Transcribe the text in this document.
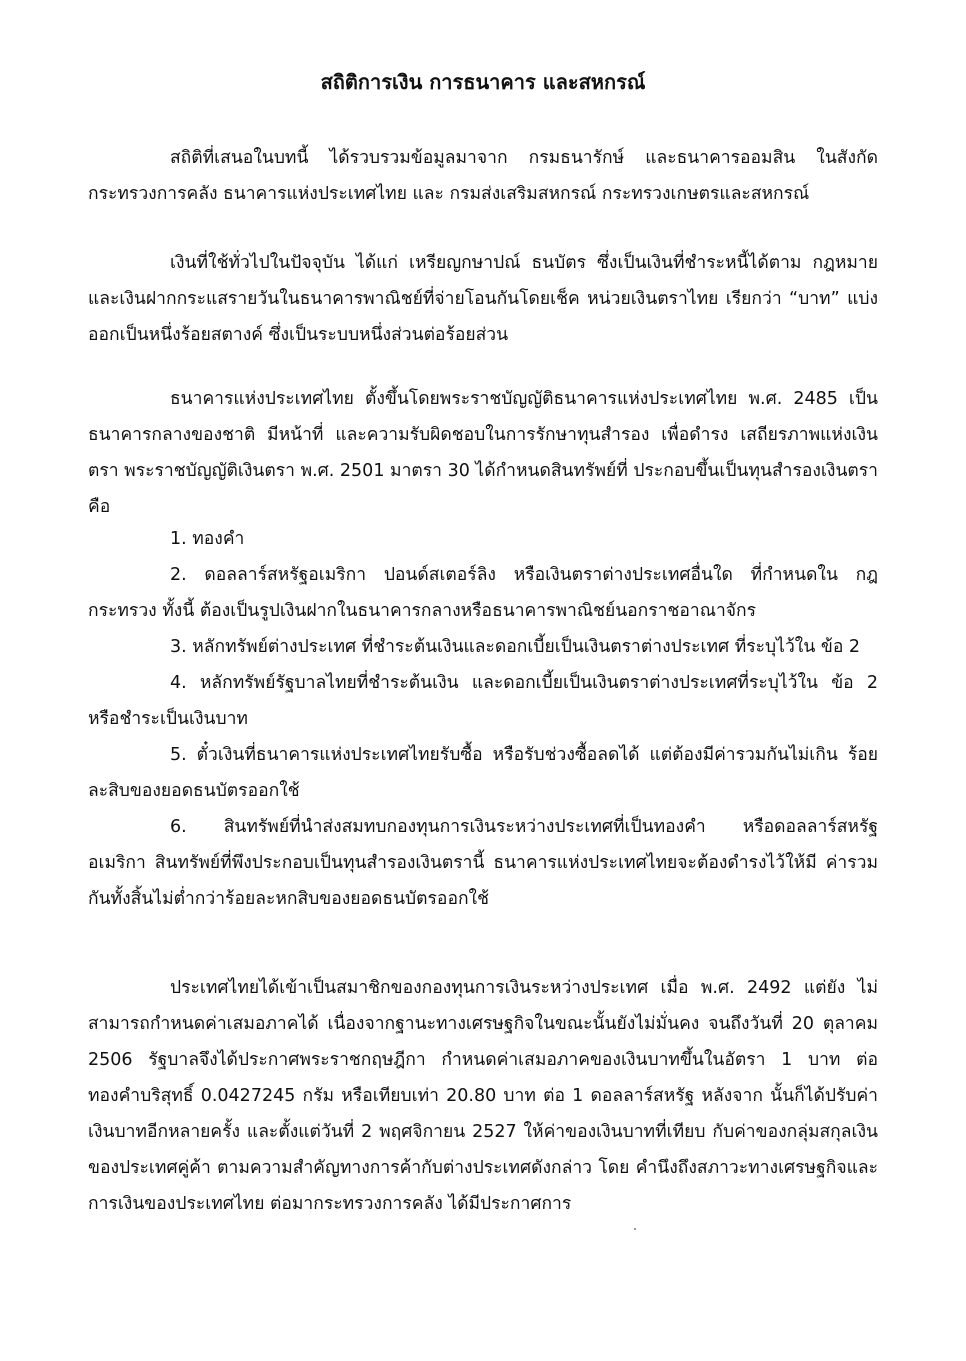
สถิติการเงิน การธนาคาร และสหกรณ์

สถิติที่เสนอในบทนี้ ได้รวบรวมข้อมูลมาจาก กรมธนารักษ์ และธนาคารออมสิน ในสังกัด กระทรวงการคลัง ธนาคารแห่งประเทศไทย และ กรมส่งเสริมสหกรณ์ กระทรวงเกษตรและสหกรณ์

เงินที่ใช้ทั่วไปในปัจจุบัน ได้แก่ เหรียญกษาปณ์ ธนบัตร ซึ่งเป็นเงินที่ชำระหนี้ได้ตาม กฎหมาย และเงินฝากกระแสรายวันในธนาคารพาณิชย์ที่จ่ายโอนกันโดยเช็ค หน่วยเงินตราไทย เรียกว่า “บาท” แบ่งออกเป็นหนึ่งร้อยสตางค์ ซึ่งเป็นระบบหนึ่งส่วนต่อร้อยส่วน

ธนาคารแห่งประเทศไทย ตั้งขึ้นโดยพระราชบัญญัติธนาคารแห่งประเทศไทย พ.ศ. 2485 เป็นธนาคารกลางของชาติ มีหน้าที่ และความรับผิดชอบในการรักษาทุนสำรอง เพื่อดำรง เสถียรภาพแห่งเงินตรา พระราชบัญญัติเงินตรา พ.ศ. 2501 มาตรา 30 ได้กำหนดสินทรัพย์ที่ ประกอบขึ้นเป็นทุนสำรองเงินตรา คือ

1. ทองคำ

2. ดอลลาร์สหรัฐอเมริกา ปอนด์สเตอร์ลิง หรือเงินตราต่างประเทศอื่นใด ที่กำหนดใน กฎกระทรวง ทั้งนี้ ต้องเป็นรูปเงินฝากในธนาคารกลางหรือธนาคารพาณิชย์นอกราชอาณาจักร

3. หลักทรัพย์ต่างประเทศ ที่ชำระต้นเงินและดอกเบี้ยเป็นเงินตราต่างประเทศ ที่ระบุไว้ใน ข้อ 2

4. หลักทรัพย์รัฐบาลไทยที่ชำระต้นเงิน และดอกเบี้ยเป็นเงินตราต่างประเทศที่ระบุไว้ใน ข้อ 2 หรือชำระเป็นเงินบาท

5. ตั๋วเงินที่ธนาคารแห่งประเทศไทยรับซื้อ หรือรับช่วงซื้อลดได้ แต่ต้องมีค่ารวมกันไม่เกิน ร้อยละสิบของยอดธนบัตรออกใช้

6. สินทรัพย์ที่นำส่งสมทบกองทุนการเงินระหว่างประเทศที่เป็นทองคำ หรือดอลลาร์สหรัฐ อเมริกา สินทรัพย์ที่พึงประกอบเป็นทุนสำรองเงินตรานี้ ธนาคารแห่งประเทศไทยจะต้องดำรงไว้ให้มี ค่ารวมกันทั้งสิ้นไม่ต่ำกว่าร้อยละหกสิบของยอดธนบัตรออกใช้

ประเทศไทยได้เข้าเป็นสมาชิกของกองทุนการเงินระหว่างประเทศ เมื่อ พ.ศ. 2492 แต่ยัง ไม่สามารถกำหนดค่าเสมอภาคได้ เนื่องจากฐานะทางเศรษฐกิจในขณะนั้นยังไม่มั่นคง จนถึงวันที่ 20 ตุลาคม 2506 รัฐบาลจึงได้ประกาศพระราชกฤษฎีกา กำหนดค่าเสมอภาคของเงินบาทขึ้นในอัตรา 1 บาท ต่อทองคำบริสุทธิ์ 0.0427245 กรัม หรือเทียบเท่า 20.80 บาท ต่อ 1 ดอลลาร์สหรัฐ หลังจาก นั้นก็ได้ปรับค่าเงินบาทอีกหลายครั้ง และตั้งแต่วันที่ 2 พฤศจิกายน 2527 ให้ค่าของเงินบาทที่เทียบ กับค่าของกลุ่มสกุลเงินของประเทศคู่ค้า ตามความสำคัญทางการค้ากับต่างประเทศดังกล่าว โดย คำนึงถึงสภาวะทางเศรษฐกิจและการเงินของประเทศไทย ต่อมากระทรวงการคลัง ได้มีประกาศการ
